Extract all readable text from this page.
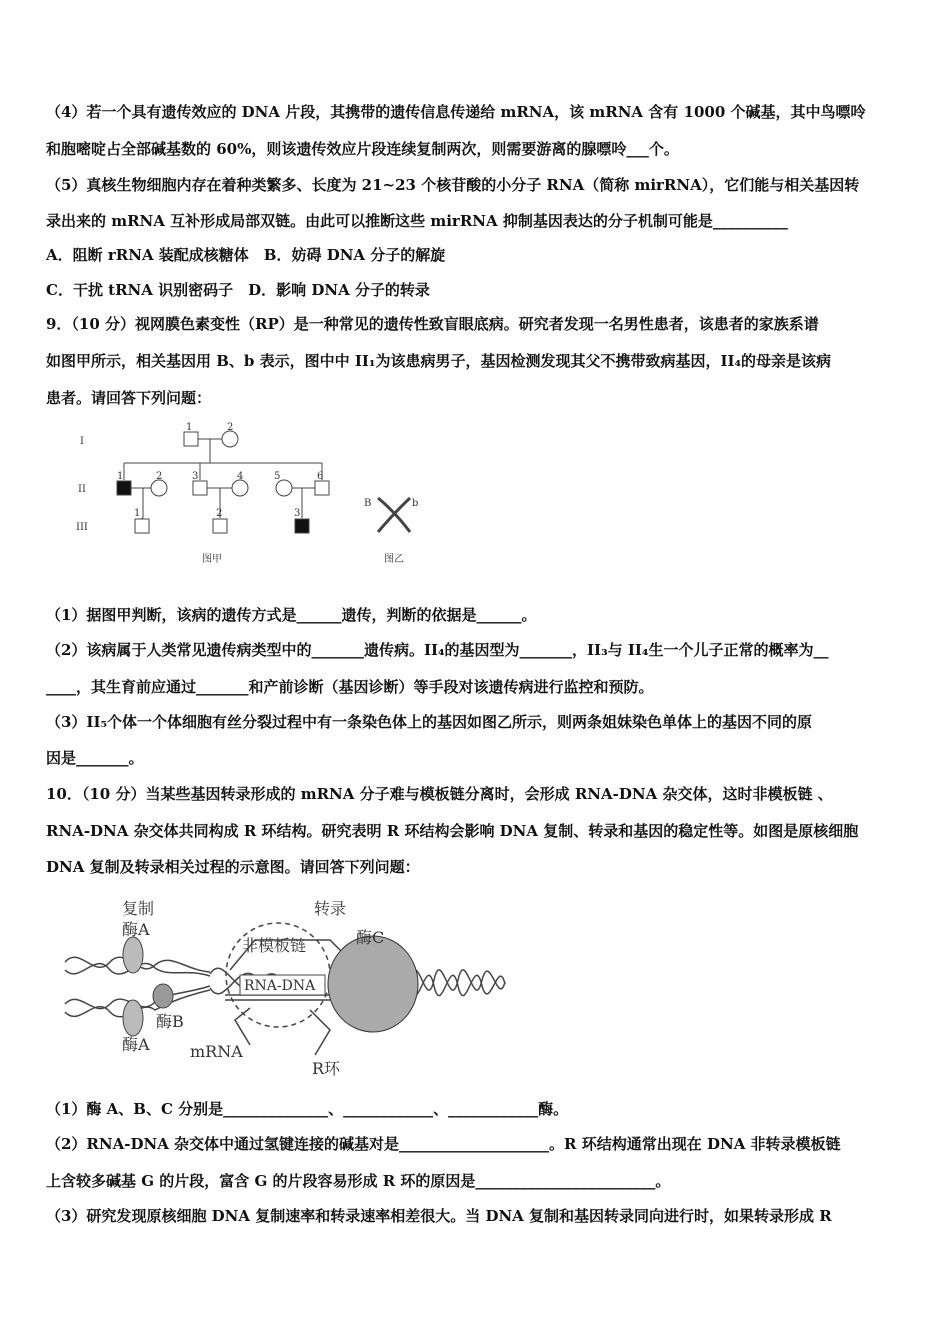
（4）若一个具有遗传效应的 DNA 片段，其携带的遗传信息传递给 mRNA，该 mRNA 含有 1000 个碱基，其中鸟嘌呤
和胞嘧啶占全部碱基数的 60%，则该遗传效应片段连续复制两次，则需要游离的腺嘌呤___个。
（5）真核生物细胞内存在着种类繁多、长度为 21~23 个核苷酸的小分子 RNA（简称 mirRNA），它们能与相关基因转
录出来的 mRNA 互补形成局部双链。由此可以推断这些 mirRNA 抑制基因表达的分子机制可能是__________
A．阻断 rRNA 装配成核糖体　B．妨碍 DNA 分子的解旋
C．干扰 tRNA 识别密码子　D．影响 DNA 分子的转录
9．（10 分）视网膜色素变性（RP）是一种常见的遗传性致盲眼底病。研究者发现一名男性患者，该患者的家族系谱
如图甲所示，相关基因用 B、b 表示，图中中 II₁为该患病男子，基因检测发现其父不携带致病基因，II₄的母亲是该病
患者。请回答下列问题：
I
II
III
1	2
1	2	3	4	5	6
1	2	3
B	b
图甲	图乙
（1）据图甲判断，该病的遗传方式是______遗传，判断的依据是______。
（2）该病属于人类常见遗传病类型中的_______遗传病。II₄的基因型为_______，II₃与 II₄生一个儿子正常的概率为__
____，其生育前应通过_______和产前诊断（基因诊断）等手段对该遗传病进行监控和预防。
（3）II₅个体一个体细胞有丝分裂过程中有一条染色体上的基因如图乙所示，则两条姐妹染色单体上的基因不同的原
因是_______。
10．（10 分）当某些基因转录形成的 mRNA 分子难与模板链分离时，会形成 RNA-DNA 杂交体，这时非模板链 、
RNA-DNA 杂交体共同构成 R 环结构。研究表明 R 环结构会影响 DNA 复制、转录和基因的稳定性等。如图是原核细胞
DNA 复制及转录相关过程的示意图。请回答下列问题：
复制	转录
酶A
酶A
酶B
酶C
非模板链
RNA-DNA
mRNA
R环
（1）酶 A、B、C 分别是______________、____________、____________酶。
（2）RNA-DNA 杂交体中通过氢键连接的碱基对是____________________。R 环结构通常出现在 DNA 非转录模板链
上含较多碱基 G 的片段，富含 G 的片段容易形成 R 环的原因是________________________。
（3）研究发现原核细胞 DNA 复制速率和转录速率相差很大。当 DNA 复制和基因转录同向进行时，如果转录形成 R
